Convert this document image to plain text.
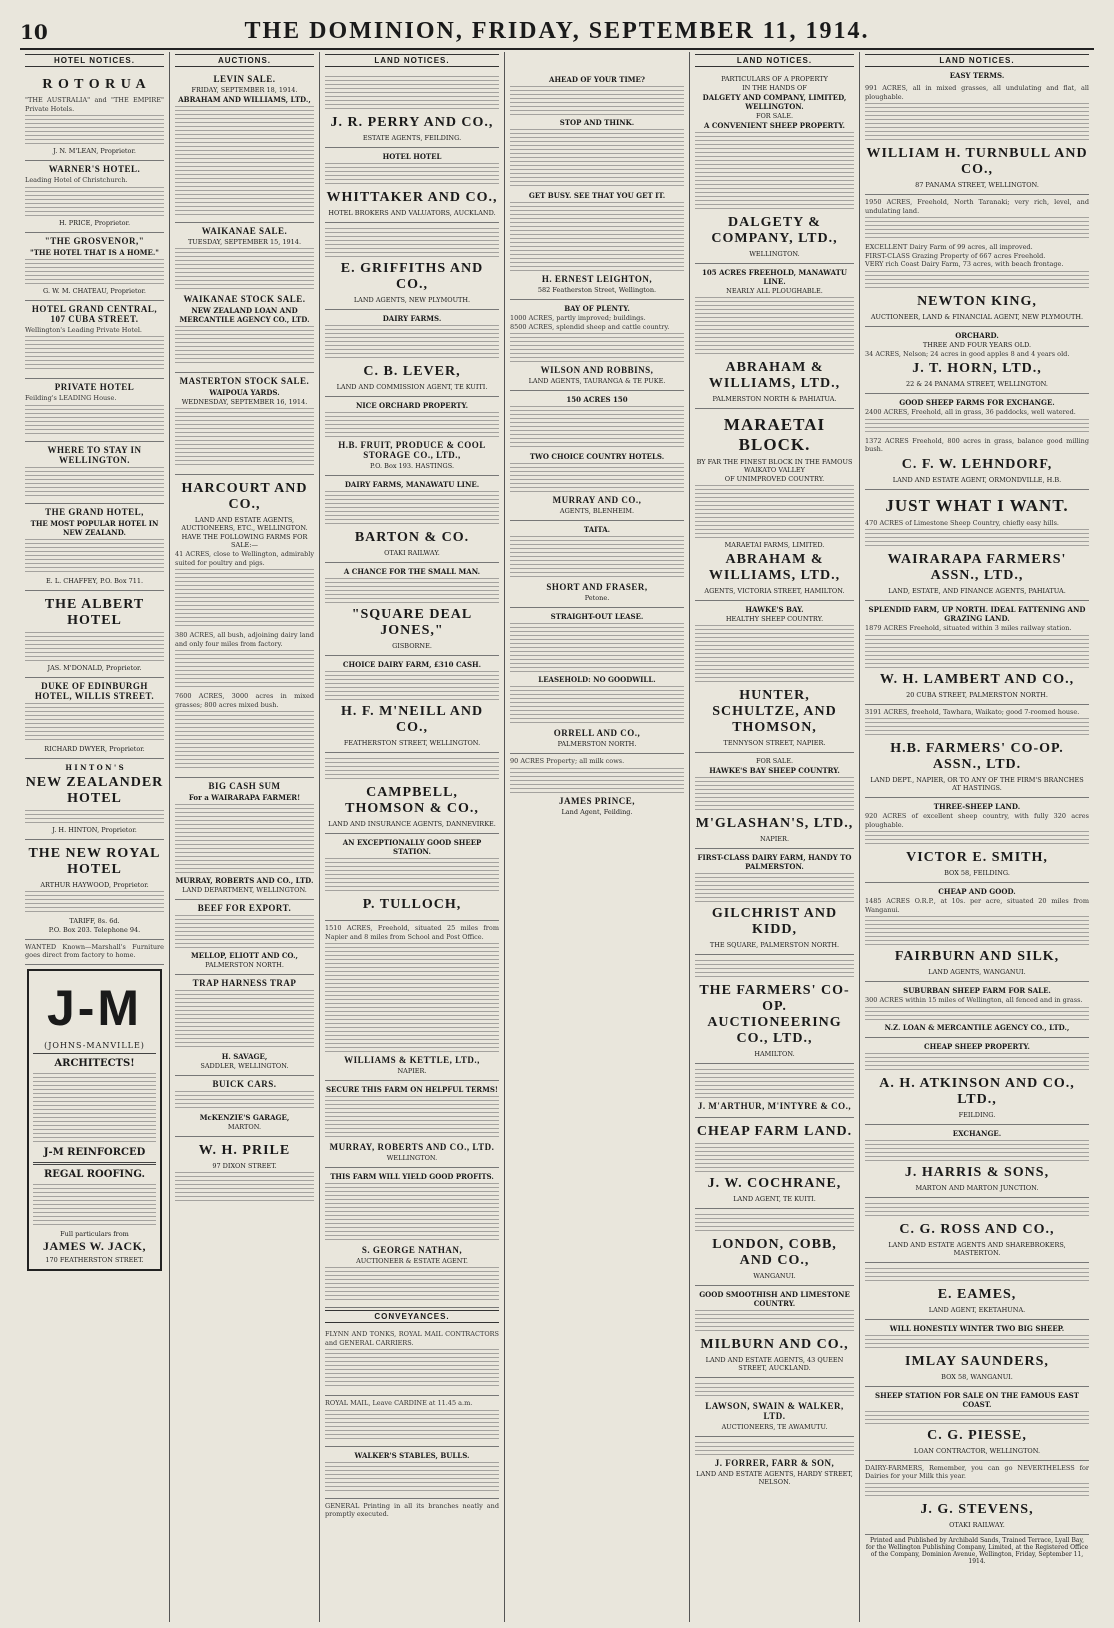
10	THE DOMINION, FRIDAY, SEPTEMBER 11, 1914.
HOTEL NOTICES.
R O T O R U A
"THE AUSTRALIA" and "THE EMPIRE" Private Hotels.
J. N. M'LEAN, Proprietor.
WARNER'S HOTEL.
Leading Hotel of Christchurch.
H. PRICE, Proprietor.
"THE GROSVENOR,"
"THE HOTEL THAT IS A HOME."
G. W. M. CHATEAU, Proprietor.
HOTEL GRAND CENTRAL, 107 CUBA STREET.
Wellington's Leading Private Hotel.
PRIVATE HOTEL
Feilding's LEADING House.
WHERE TO STAY IN WELLINGTON.
THE GRAND HOTEL,
THE MOST POPULAR HOTEL IN NEW ZEALAND.
E. L. CHAFFEY, P.O. Box 711.
THE ALBERT HOTEL
JAS. M'DONALD, Proprietor.
DUKE OF EDINBURGH HOTEL, WILLIS STREET.
RICHARD DWYER, Proprietor.
H I N T O N ' S
NEW ZEALANDER HOTEL
J. H. HINTON, Proprietor.
THE NEW ROYAL HOTEL
ARTHUR HAYWOOD, Proprietor.
TARIFF, 8s. 6d.
P.O. Box 203. Telephone 94.
WANTED Known—Marshall's Furniture goes direct from factory to home.
J-M
(JOHNS-MANVILLE)
ARCHITECTS!
J-M REINFORCED
REGAL ROOFING.
Full particulars from
JAMES W. JACK,
170 FEATHERSTON STREET.
AUCTIONS.
LEVIN SALE.
FRIDAY, SEPTEMBER 18, 1914.
ABRAHAM AND WILLIAMS, LTD.,
WAIKANAE SALE.
TUESDAY, SEPTEMBER 15, 1914.
WAIKANAE STOCK SALE.
NEW ZEALAND LOAN AND MERCANTILE AGENCY CO., LTD.
MASTERTON STOCK SALE.
WAIPOUA YARDS.
WEDNESDAY, SEPTEMBER 16, 1914.
HARCOURT AND CO.,
LAND AND ESTATE AGENTS, AUCTIONEERS, ETC., WELLINGTON.
HAVE THE FOLLOWING FARMS FOR SALE:—
41 ACRES, close to Wellington, admirably suited for poultry and pigs.
380 ACRES, all bush, adjoining dairy land and only four miles from factory.
7600 ACRES, 3000 acres in mixed grasses; 800 acres mixed bush.
BIG CASH SUM
For a WAIRARAPA FARMER!
MURRAY, ROBERTS AND CO., LTD.
LAND DEPARTMENT, WELLINGTON.
BEEF FOR EXPORT.
MELLOP, ELIOTT AND CO.,
PALMERSTON NORTH.
TRAP HARNESS TRAP
H. SAVAGE,
SADDLER, WELLINGTON.
BUICK CARS.
McKENZIE'S GARAGE,
MARTON.
W. H. PRILE
97 DIXON STREET.
LAND NOTICES.
J. R. PERRY AND CO.,
ESTATE AGENTS, FEILDING.
HOTEL HOTEL
WHITTAKER AND CO.,
HOTEL BROKERS AND VALUATORS, AUCKLAND.
E. GRIFFITHS AND CO.,
LAND AGENTS, NEW PLYMOUTH.
DAIRY FARMS.
C. B. LEVER,
LAND AND COMMISSION AGENT, TE KUITI.
NICE ORCHARD PROPERTY.
H.B. FRUIT, PRODUCE & COOL STORAGE CO., LTD.,
P.O. Box 193. HASTINGS.
DAIRY FARMS, MANAWATU LINE.
BARTON & CO.
OTAKI RAILWAY.
A CHANCE FOR THE SMALL MAN.
"SQUARE DEAL JONES,"
GISBORNE.
CHOICE DAIRY FARM, £310 CASH.
H. F. M'NEILL AND CO.,
FEATHERSTON STREET, WELLINGTON.
CAMPBELL, THOMSON & CO.,
LAND AND INSURANCE AGENTS, DANNEVIRKE.
AN EXCEPTIONALLY GOOD SHEEP STATION.
P. TULLOCH,
1510 ACRES, Freehold, situated 25 miles from Napier and 8 miles from School and Post Office.
WILLIAMS & KETTLE, LTD.,
NAPIER.
SECURE THIS FARM ON HELPFUL TERMS!
MURRAY, ROBERTS AND CO., LTD.
WELLINGTON.
THIS FARM WILL YIELD GOOD PROFITS.
S. GEORGE NATHAN,
AUCTIONEER & ESTATE AGENT.
CONVEYANCES.
FLYNN AND TONKS, ROYAL MAIL CONTRACTORS and GENERAL CARRIERS.
ROYAL MAIL, Leave CARDINE at 11.45 a.m.
WALKER'S STABLES, BULLS.
GENERAL Printing in all its branches neatly and promptly executed.
AHEAD OF YOUR TIME?
STOP AND THINK.
GET BUSY. SEE THAT YOU GET IT.
H. ERNEST LEIGHTON,
582 Featherston Street, Wellington.
BAY OF PLENTY.
1000 ACRES, partly improved; buildings.
8500 ACRES, splendid sheep and cattle country.
WILSON AND ROBBINS,
LAND AGENTS, TAURANGA & TE PUKE.
150 ACRES 150
TWO CHOICE COUNTRY HOTELS.
MURRAY AND CO.,
AGENTS, BLENHEIM.
TAITA.
SHORT AND FRASER,
Petone.
STRAIGHT-OUT LEASE.
LEASEHOLD: NO GOODWILL.
ORRELL AND CO.,
PALMERSTON NORTH.
90 ACRES Property; all milk cows.
JAMES PRINCE,
Land Agent, Feilding.
LAND NOTICES.
PARTICULARS OF A PROPERTY
IN THE HANDS OF
DALGETY AND COMPANY, LIMITED, WELLINGTON.
FOR SALE.
A CONVENIENT SHEEP PROPERTY.
DALGETY & COMPANY, LTD.,
WELLINGTON.
105 ACRES FREEHOLD, MANAWATU LINE.
NEARLY ALL PLOUGHABLE.
ABRAHAM & WILLIAMS, LTD.,
PALMERSTON NORTH & PAHIATUA.
MARAETAI BLOCK.
BY FAR THE FINEST BLOCK IN THE FAMOUS WAIKATO VALLEY
OF UNIMPROVED COUNTRY.
MARAETAI FARMS, LIMITED.
ABRAHAM & WILLIAMS, LTD.,
AGENTS, VICTORIA STREET, HAMILTON.
HAWKE'S BAY.
HEALTHY SHEEP COUNTRY.
HUNTER, SCHULTZE, AND THOMSON,
TENNYSON STREET, NAPIER.
FOR SALE.
HAWKE'S BAY SHEEP COUNTRY.
M'GLASHAN'S, LTD.,
NAPIER.
FIRST-CLASS DAIRY FARM, HANDY TO PALMERSTON.
GILCHRIST AND KIDD,
THE SQUARE, PALMERSTON NORTH.
THE FARMERS' CO-OP. AUCTIONEERING CO., LTD.,
HAMILTON.
J. M'ARTHUR, M'INTYRE & CO.,
CHEAP FARM LAND.
J. W. COCHRANE,
LAND AGENT, TE KUITI.
LONDON, COBB, AND CO.,
WANGANUI.
GOOD SMOOTHISH AND LIMESTONE COUNTRY.
MILBURN AND CO.,
LAND AND ESTATE AGENTS, 43 QUEEN STREET, AUCKLAND.
LAWSON, SWAIN & WALKER, LTD.
AUCTIONEERS, TE AWAMUTU.
J. FORRER, FARR & SON,
LAND AND ESTATE AGENTS, HARDY STREET, NELSON.
LAND NOTICES.
EASY TERMS.
991 ACRES, all in mixed grasses, all undulating and flat, all ploughable.
WILLIAM H. TURNBULL AND CO.,
87 PANAMA STREET, WELLINGTON.
1950 ACRES, Freehold, North Taranaki; very rich, level, and undulating land.
EXCELLENT Dairy Farm of 99 acres, all improved.
FIRST-CLASS Grazing Property of 667 acres Freehold.
VERY rich Coast Dairy Farm, 73 acres, with beach frontage.
NEWTON KING,
AUCTIONEER, LAND & FINANCIAL AGENT, NEW PLYMOUTH.
ORCHARD.
THREE AND FOUR YEARS OLD.
34 ACRES, Nelson; 24 acres in good apples 8 and 4 years old.
J. T. HORN, LTD.,
22 & 24 PANAMA STREET, WELLINGTON.
GOOD SHEEP FARMS FOR EXCHANGE.
2400 ACRES, Freehold, all in grass, 36 paddocks, well watered.
1372 ACRES Freehold, 800 acres in grass, balance good milling bush.
C. F. W. LEHNDORF,
LAND AND ESTATE AGENT, ORMONDVILLE, H.B.
JUST WHAT I WANT.
470 ACRES of Limestone Sheep Country, chiefly easy hills.
WAIRARAPA FARMERS' ASSN., LTD.,
LAND, ESTATE, AND FINANCE AGENTS, PAHIATUA.
SPLENDID FARM, UP NORTH. IDEAL FATTENING AND GRAZING LAND.
1879 ACRES Freehold, situated within 3 miles railway station.
W. H. LAMBERT AND CO.,
20 CUBA STREET, PALMERSTON NORTH.
3191 ACRES, freehold, Tawhara, Waikato; good 7-roomed house.
H.B. FARMERS' CO-OP. ASSN., LTD.
LAND DEPT., NAPIER, OR TO ANY OF THE FIRM'S BRANCHES AT HASTINGS.
THREE-SHEEP LAND.
920 ACRES of excellent sheep country, with fully 320 acres ploughable.
VICTOR E. SMITH,
BOX 58, FEILDING.
CHEAP AND GOOD.
1485 ACRES O.R.P., at 10s. per acre, situated 20 miles from Wanganui.
FAIRBURN AND SILK,
LAND AGENTS, WANGANUI.
SUBURBAN SHEEP FARM FOR SALE.
300 ACRES within 15 miles of Wellington, all fenced and in grass.
N.Z. LOAN & MERCANTILE AGENCY CO., LTD.,
CHEAP SHEEP PROPERTY.
A. H. ATKINSON AND CO., LTD.,
FEILDING.
EXCHANGE.
J. HARRIS & SONS,
MARTON AND MARTON JUNCTION.
C. G. ROSS AND CO.,
LAND AND ESTATE AGENTS AND SHAREBROKERS, MASTERTON.
E. EAMES,
LAND AGENT, EKETAHUNA.
WILL HONESTLY WINTER TWO BIG SHEEP.
IMLAY SAUNDERS,
BOX 58, WANGANUI.
SHEEP STATION FOR SALE ON THE FAMOUS EAST COAST.
C. G. PIESSE,
LOAN CONTRACTOR, WELLINGTON.
DAIRY-FARMERS, Remember, you can go NEVERTHELESS for Dairies for your Milk this year.
J. G. STEVENS,
OTAKI RAILWAY.
Printed and Published by Archibald Sands, Trained Terrace, Lyall Bay, for the Wellington Publishing Company, Limited, at the Registered Office of the Company, Dominion Avenue, Wellington, Friday, September 11, 1914.
